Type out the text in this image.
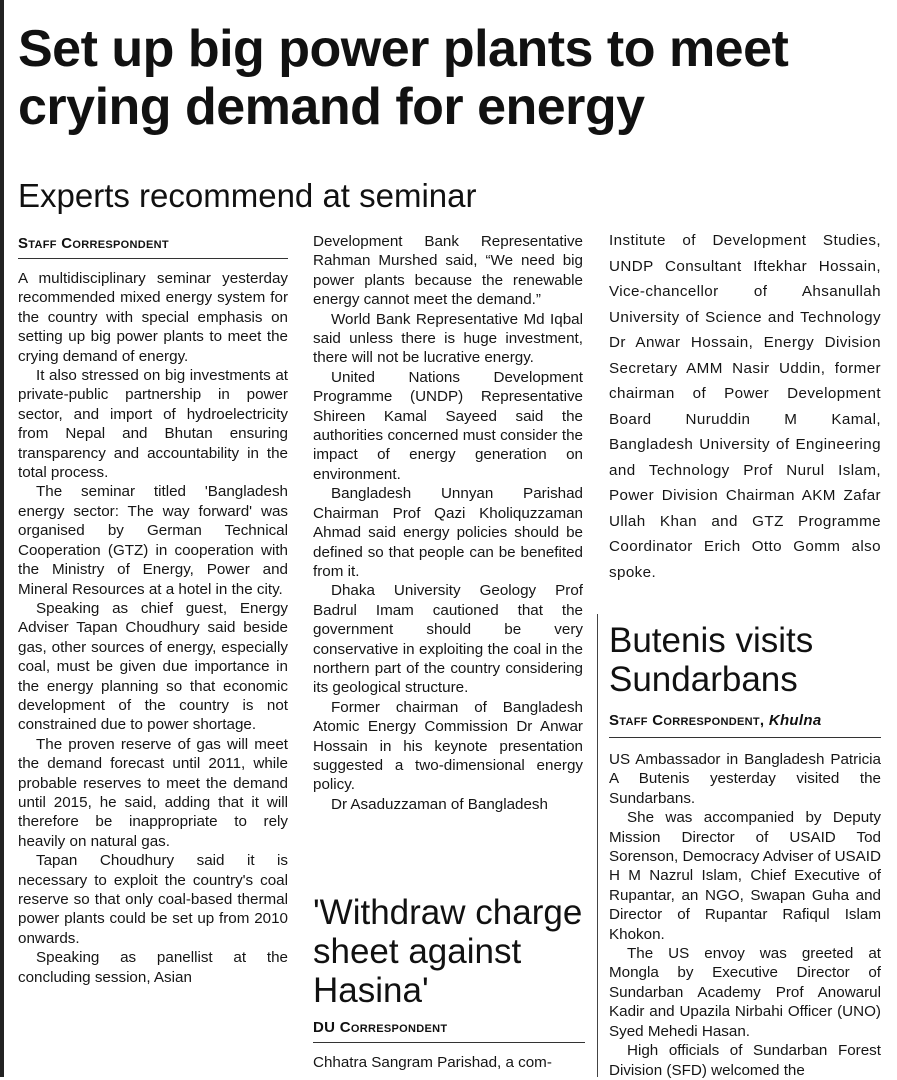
Set up big power plants to meet crying demand for energy
Experts recommend at seminar
Staff Correspondent

A multidisciplinary seminar yesterday recommended mixed energy system for the country with special emphasis on setting up big power plants to meet the crying demand of energy.

It also stressed on big investments at private-public partnership in power sector, and import of hydroelectricity from Nepal and Bhutan ensuring transparency and accountability in the total process.

The seminar titled 'Bangladesh energy sector: The way forward' was organised by German Technical Cooperation (GTZ) in cooperation with the Ministry of Energy, Power and Mineral Resources at a hotel in the city.

Speaking as chief guest, Energy Adviser Tapan Choudhury said beside gas, other sources of energy, especially coal, must be given due importance in the energy planning so that economic development of the country is not constrained due to power shortage.

The proven reserve of gas will meet the demand forecast until 2011, while probable reserves to meet the demand until 2015, he said, adding that it will therefore be inappropriate to rely heavily on natural gas.

Tapan Choudhury said it is necessary to exploit the country's coal reserve so that only coal-based thermal power plants could be set up from 2010 onwards.

Speaking as panellist at the concluding session, Asian

Development Bank Representative Rahman Murshed said, “We need big power plants because the renewable energy cannot meet the demand.”

World Bank Representative Md Iqbal said unless there is huge investment, there will not be lucrative energy.

United Nations Development Programme (UNDP) Representative Shireen Kamal Sayeed said the authorities concerned must consider the impact of energy generation on environment.

Bangladesh Unnyan Parishad Chairman Prof Qazi Kholiquzzaman Ahmad said energy policies should be defined so that people can be benefited from it.

Dhaka University Geology Prof Badrul Imam cautioned that the government should be very conservative in exploiting the coal in the northern part of the country considering its geological structure.

Former chairman of Bangladesh Atomic Energy Commission Dr Anwar Hossain in his keynote presentation suggested a two-dimensional energy policy.

Dr Asaduzzaman of Bangladesh

'Withdraw charge sheet against Hasina'
DU Correspondent

Chhatra Sangram Parishad, a com-

Institute of Development Studies, UNDP Consultant Iftekhar Hossain, Vice-chancellor of Ahsanullah University of Science and Technology Dr Anwar Hossain, Energy Division Secretary AMM Nasir Uddin, former chairman of Power Development Board Nuruddin M Kamal, Bangladesh University of Engineering and Technology Prof Nurul Islam, Power Division Chairman AKM Zafar Ullah Khan and GTZ Programme Coordinator Erich Otto Gomm also spoke.

Butenis visits Sundarbans
Staff Correspondent, Khulna

US Ambassador in Bangladesh Patricia A Butenis yesterday visited the Sundarbans.

She was accompanied by Deputy Mission Director of USAID Tod Sorenson, Democracy Adviser of USAID H M Nazrul Islam, Chief Executive of Rupantar, an NGO, Swapan Guha and Director of Rupantar Rafiqul Islam Khokon.

The US envoy was greeted at Mongla by Executive Director of Sundarban Academy Prof Anowarul Kadir and Upazila Nirbahi Officer (UNO) Syed Mehedi Hasan.

High officials of Sundarban Forest Division (SFD) welcomed the
